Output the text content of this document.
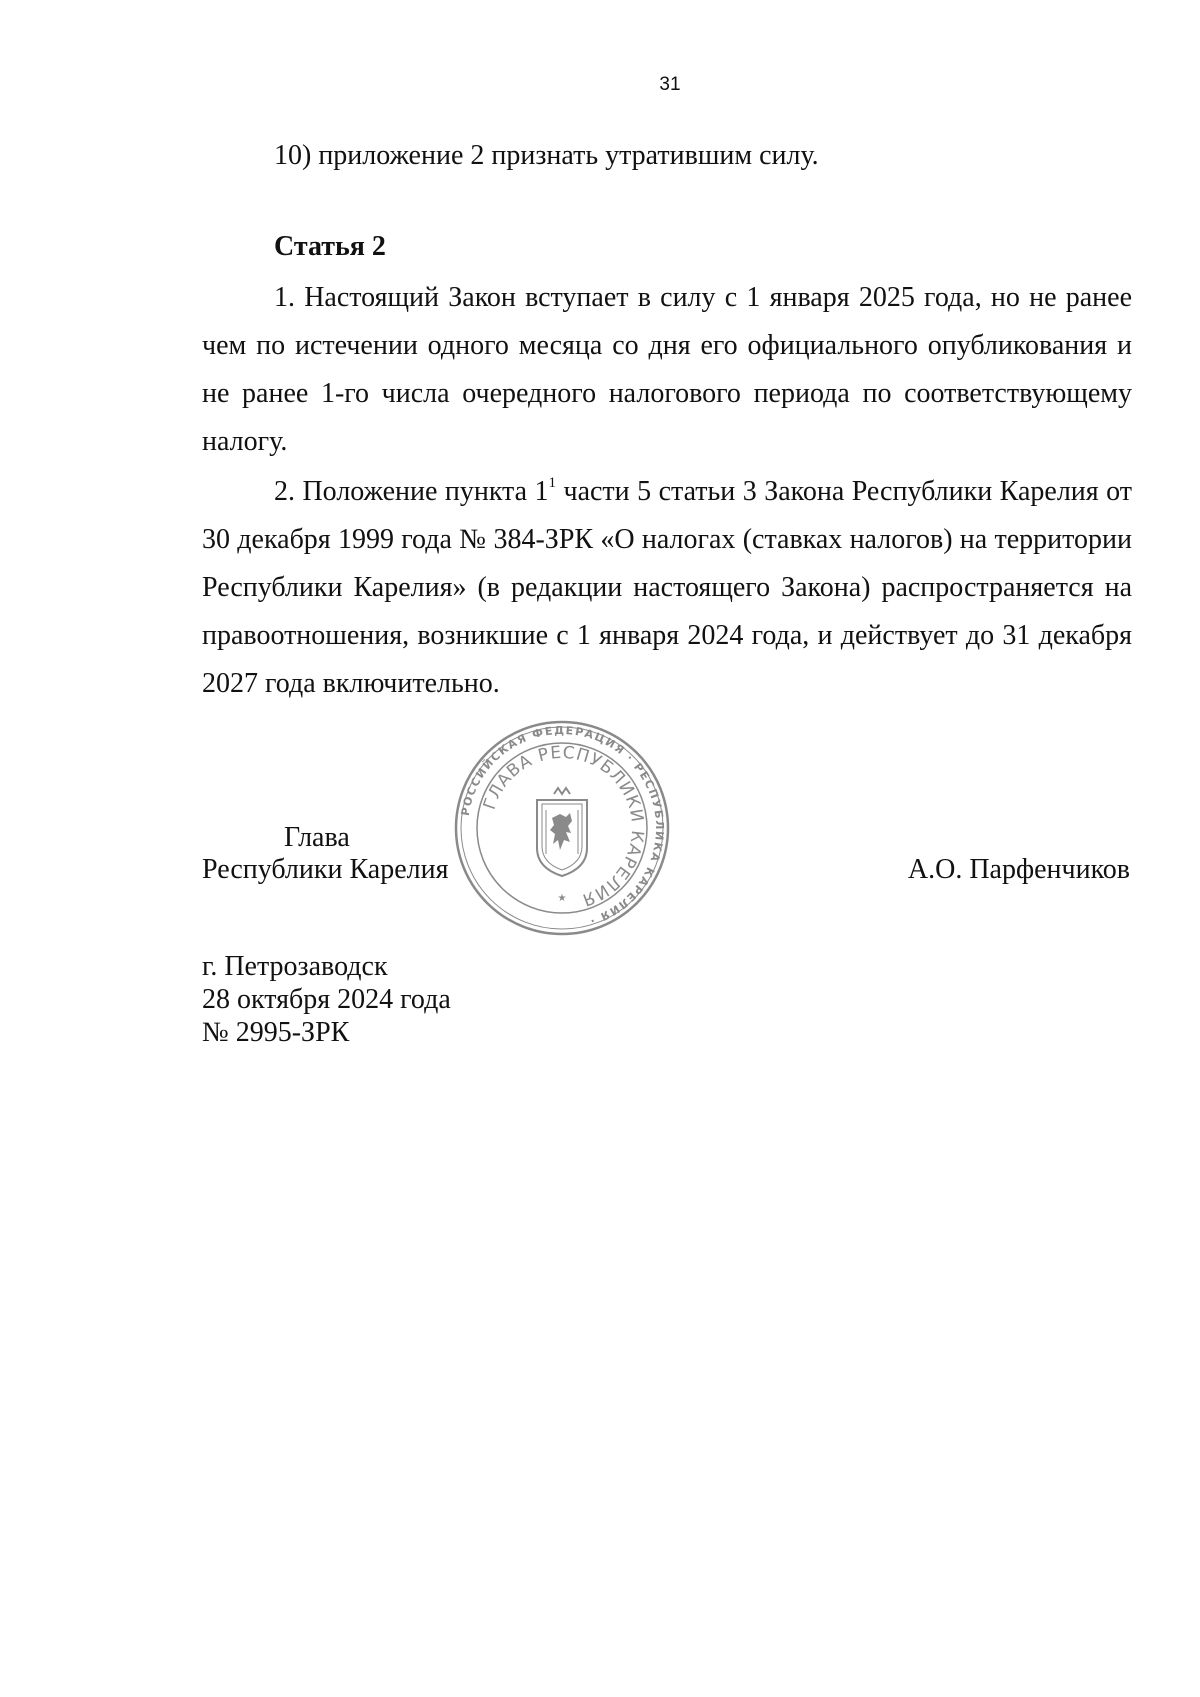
31
10) приложение 2 признать утратившим силу.
Статья 2
1. Настоящий Закон вступает в силу с 1 января 2025 года, но не ранее чем по истечении одного месяца со дня его официального опубликования и не ранее 1-го числа очередного налогового периода по соответствующему налогу.
2. Положение пункта $1^1$ части 5 статьи 3 Закона Республики Карелия от 30 декабря 1999 года № 384-ЗРК «О налогах (ставках налогов) на территории Республики Карелия» (в редакции настоящего Закона) распространяется на правоотношения, возникшие с 1 января 2024 года, и действует до 31 декабря 2027 года включительно.
Глава
Республики Карелия	А.О. Парфенчиков
РОССИЙСКАЯ ФЕДЕРАЦИЯ · РЕСПУБЛИКА КАРЕЛИЯ ·
ГЛАВА РЕСПУБЛИКИ КАРЕЛИЯ
★
г. Петрозаводск
28 октября 2024 года
№ 2995-ЗРК
